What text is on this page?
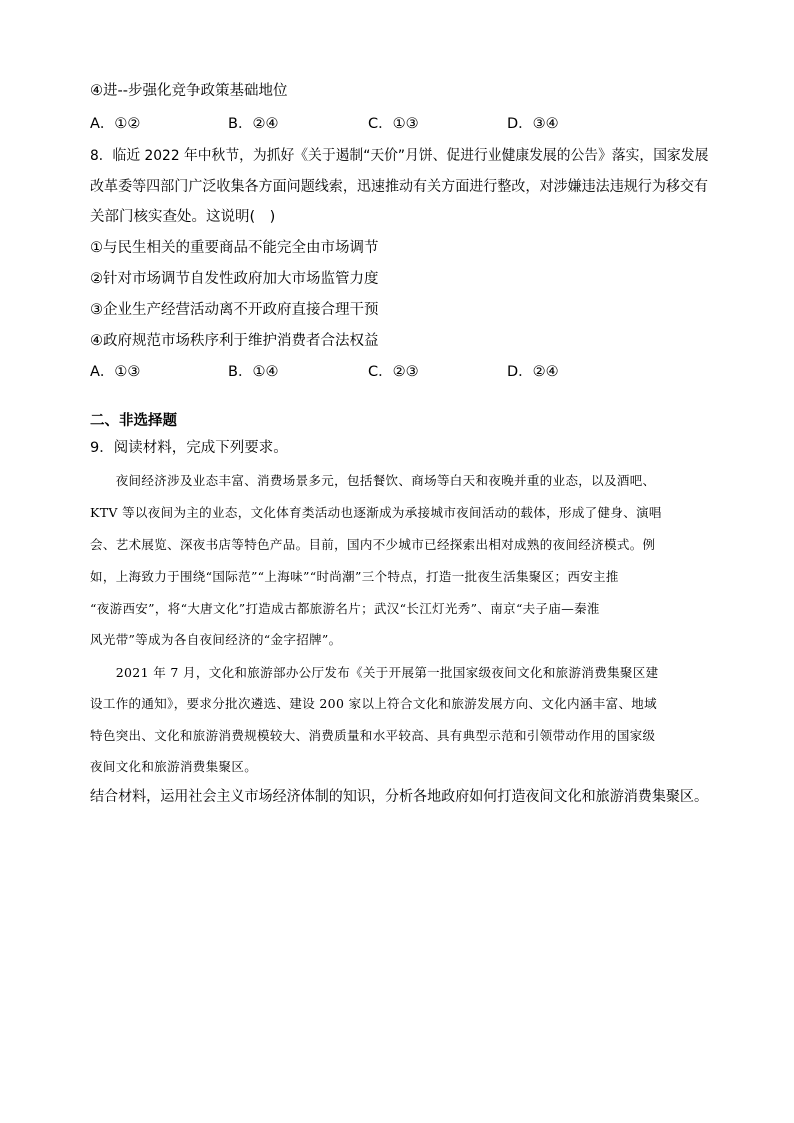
④进--步强化竞争政策基础地位
A．①②	B．②④	C．①③	D．③④
8．临近 2022 年中秋节，为抓好《关于遏制“天价”月饼、促进行业健康发展的公告》落实，国家发展
改革委等四部门广泛收集各方面问题线索，迅速推动有关方面进行整改，对涉嫌违法违规行为移交有
关部门核实查处。这说明(　)
①与民生相关的重要商品不能完全由市场调节
②针对市场调节自发性政府加大市场监管力度
③企业生产经营活动离不开政府直接合理干预
④政府规范市场秩序利于维护消费者合法权益
A．①③	B．①④	C．②③	D．②④
二、非选择题
9．阅读材料，完成下列要求。
　　夜间经济涉及业态丰富、消费场景多元，包括餐饮、商场等白天和夜晚并重的业态，以及酒吧、
KTV 等以夜间为主的业态，文化体育类活动也逐渐成为承接城市夜间活动的载体，形成了健身、演唱
会、艺术展览、深夜书店等特色产品。目前，国内不少城市已经探索出相对成熟的夜间经济模式。例
如，上海致力于围绕“国际范”“上海味”“时尚潮”三个特点，打造一批夜生活集聚区；西安主推
“夜游西安”，将“大唐文化”打造成古都旅游名片；武汉“长江灯光秀”、南京“夫子庙—秦淮
风光带”等成为各自夜间经济的“金字招牌”。
　　2021 年 7 月，文化和旅游部办公厅发布《关于开展第一批国家级夜间文化和旅游消费集聚区建
设工作的通知》，要求分批次遴选、建设 200 家以上符合文化和旅游发展方向、文化内涵丰富、地域
特色突出、文化和旅游消费规模较大、消费质量和水平较高、具有典型示范和引领带动作用的国家级
夜间文化和旅游消费集聚区。
结合材料，运用社会主义市场经济体制的知识，分析各地政府如何打造夜间文化和旅游消费集聚区。
